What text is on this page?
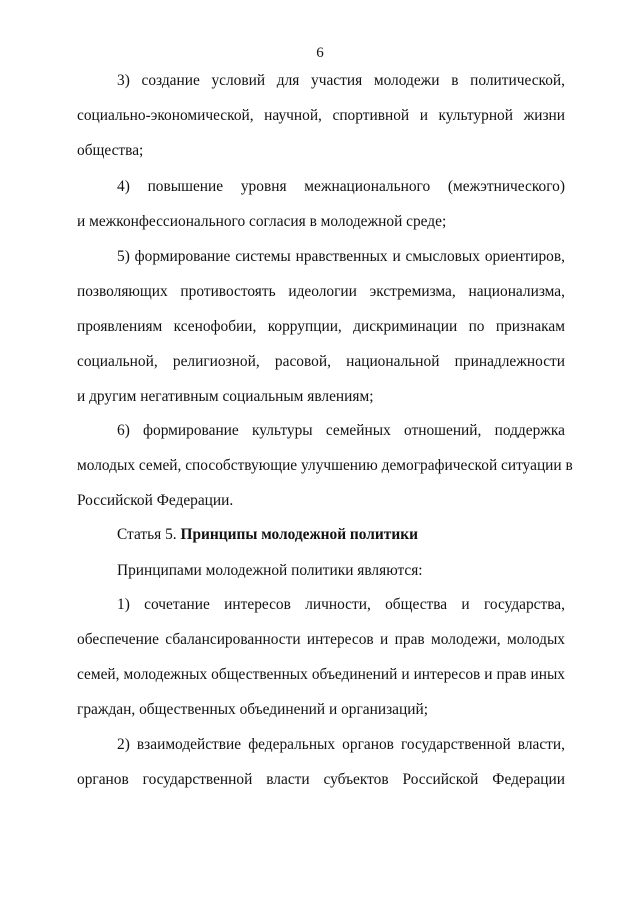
6
3) создание условий для участия молодежи в политической,
социально-экономической, научной, спортивной и культурной жизни
общества;
4) повышение уровня межнационального (межэтнического)
и межконфессионального согласия в молодежной среде;
5) формирование системы нравственных и смысловых ориентиров,
позволяющих противостоять идеологии экстремизма, национализма,
проявлениям ксенофобии, коррупции, дискриминации по признакам
социальной, религиозной, расовой, национальной принадлежности
и другим негативным социальным явлениям;
6) формирование культуры семейных отношений, поддержка
молодых семей, способствующие улучшению демографической ситуации в
Российской Федерации.
Статья 5. Принципы молодежной политики
Принципами молодежной политики являются:
1) сочетание интересов личности, общества и государства,
обеспечение сбалансированности интересов и прав молодежи, молодых
семей, молодежных общественных объединений и интересов и прав иных
граждан, общественных объединений и организаций;
2) взаимодействие федеральных органов государственной власти,
органов государственной власти субъектов Российской Федерации
